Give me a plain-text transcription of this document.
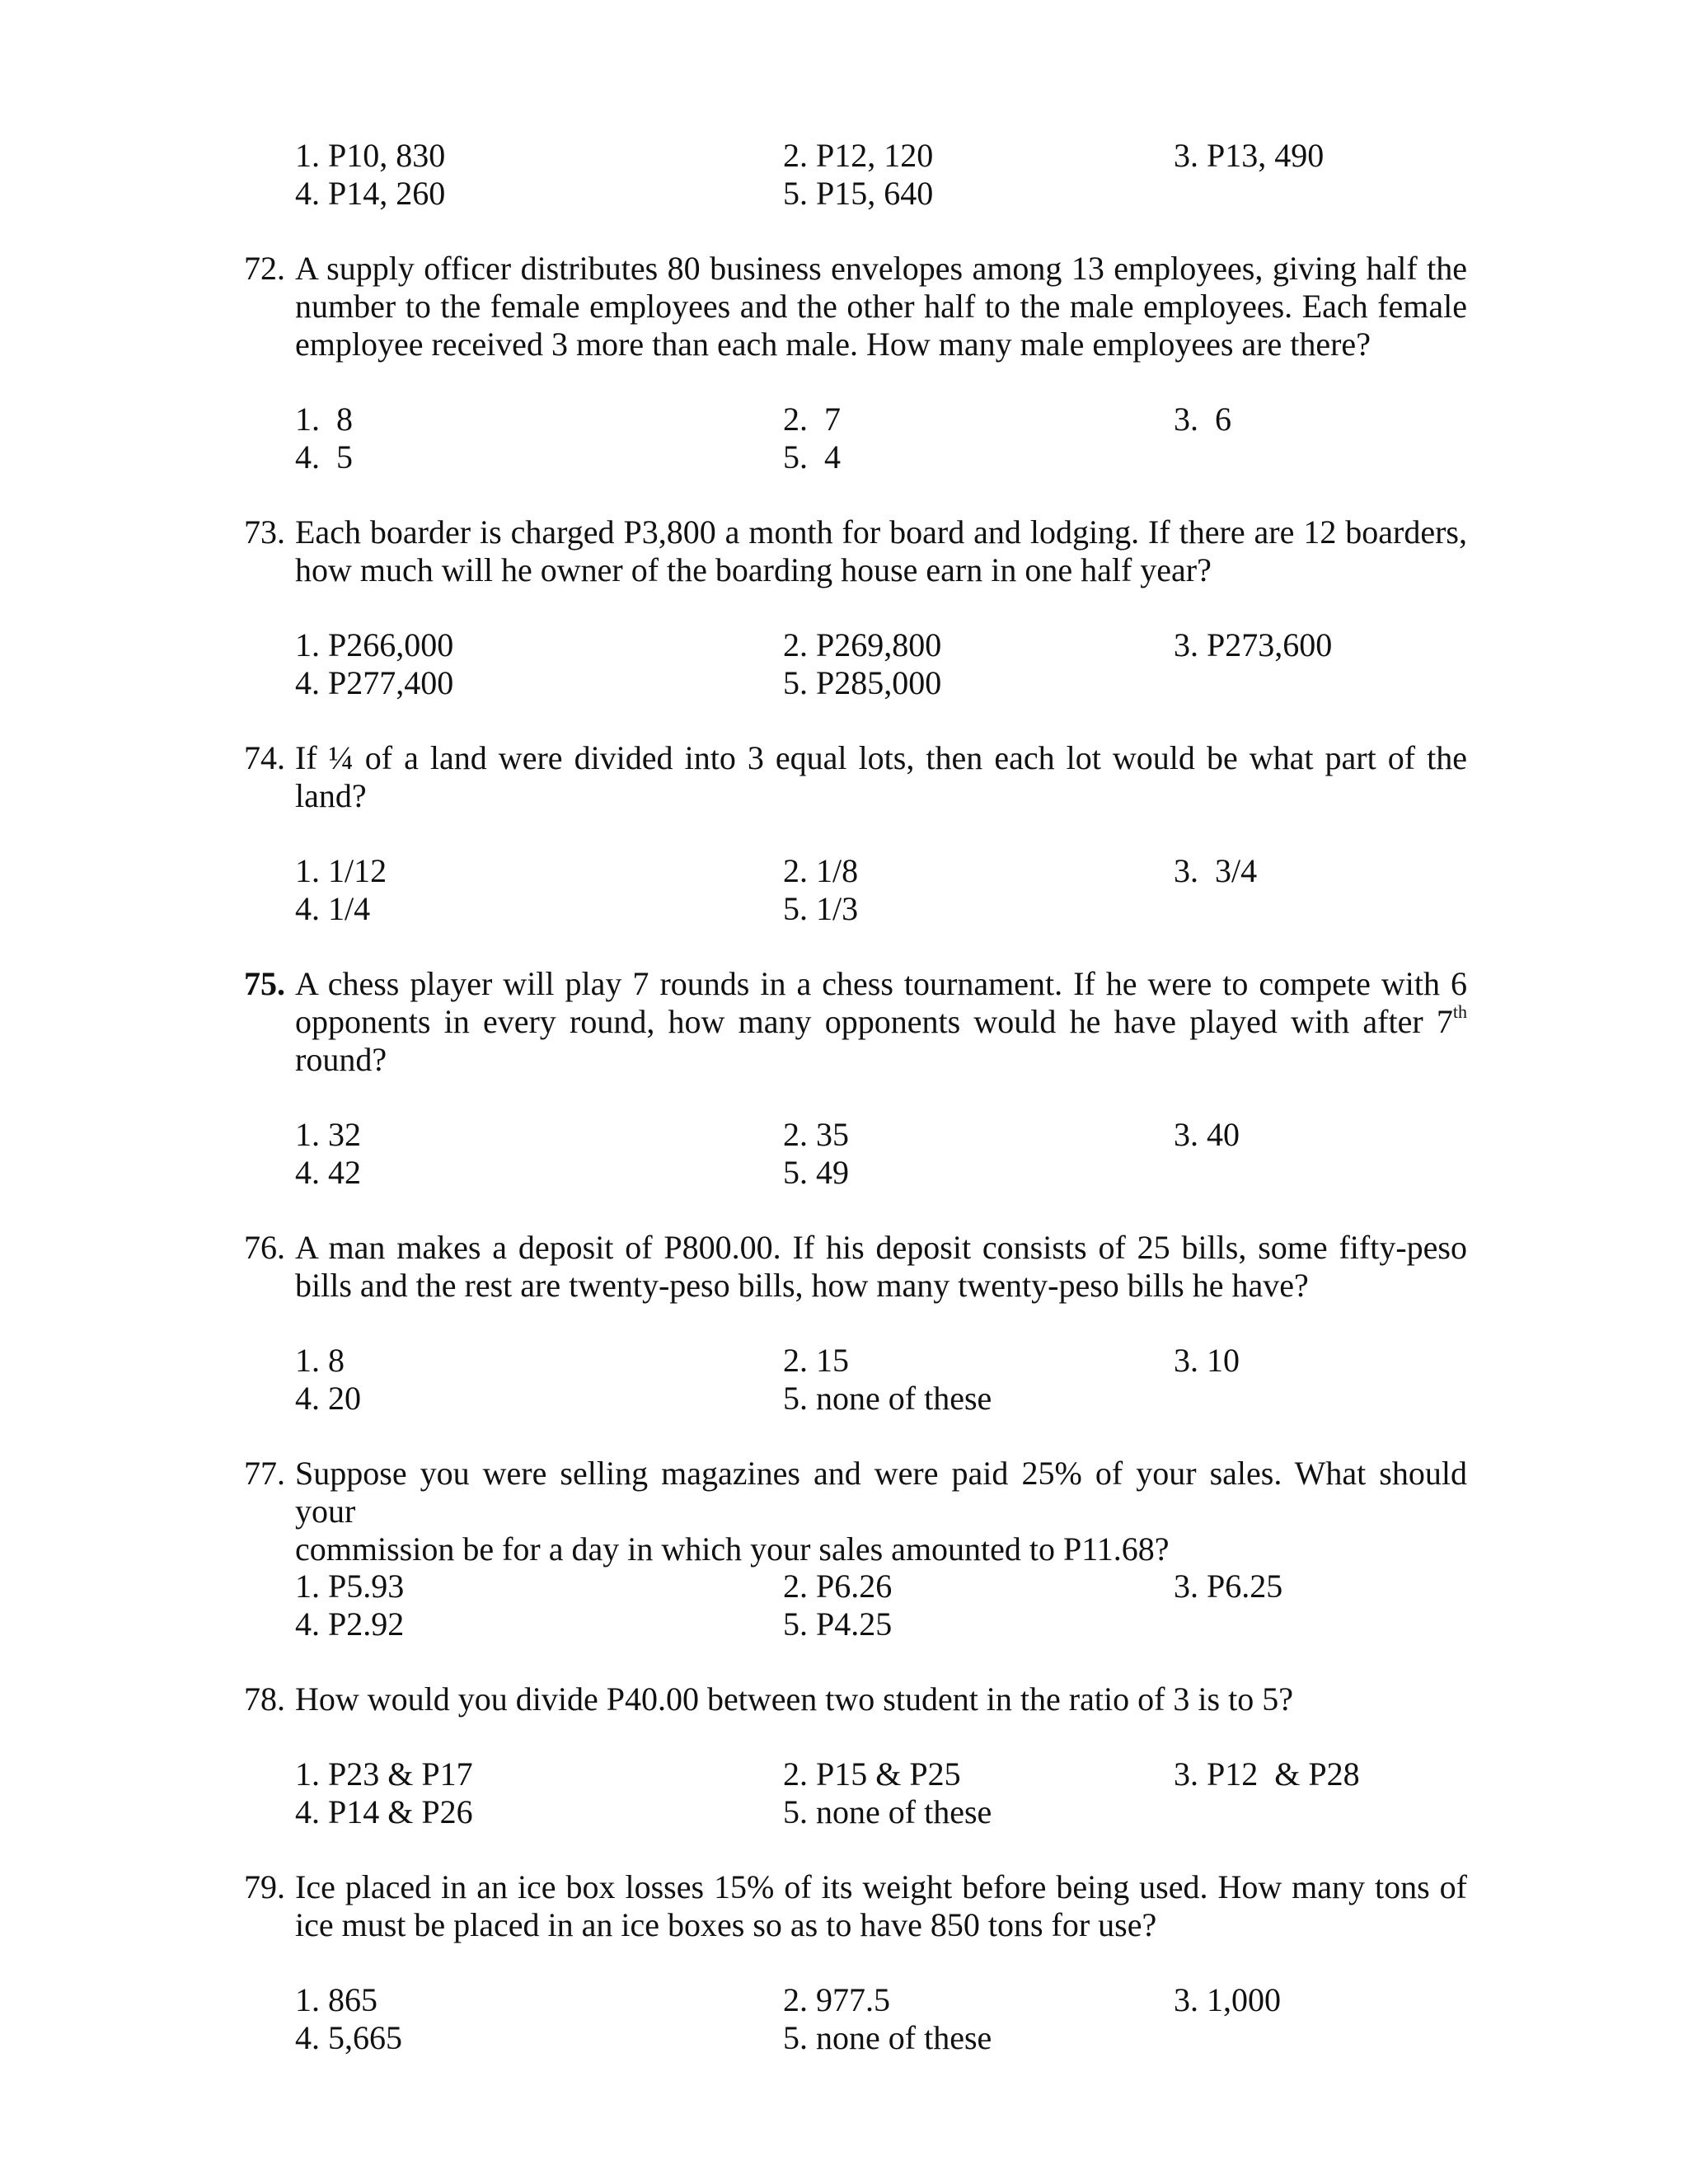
1. P10, 830	2. P12, 120	3. P13, 490
4. P14, 260	5. P15, 640
72. A supply officer distributes 80 business envelopes among 13 employees, giving half the
number to the female employees and the other half to the male employees. Each female
employee received 3 more than each male. How many male employees are there?
1.  8	2.  7	3.  6
4.  5	5.  4
73. Each boarder is charged P3,800 a month for board and lodging. If there are 12 boarders,
how much will he owner of the boarding house earn in one half year?
1. P266,000	2. P269,800	3. P273,600
4. P277,400	5. P285,000
74. If ¼ of a land were divided into 3 equal lots, then each lot would be what part of the
land?
1. 1/12	2. 1/8	3.  3/4
4. 1/4	5. 1/3
75. A chess player will play 7 rounds in a chess tournament. If he were to compete with 6
opponents in every round, how many opponents would he have played with after 7th
round?
1. 32	2. 35	3. 40
4. 42	5. 49
76. A man makes a deposit of P800.00. If his deposit consists of 25 bills, some fifty-peso
bills and the rest are twenty-peso bills, how many twenty-peso bills he have?
1. 8	2. 15	3. 10
4. 20	5. none of these
77. Suppose you were selling magazines and were paid 25% of your sales. What should your
commission be for a day in which your sales amounted to P11.68?
1. P5.93	2. P6.26	3. P6.25
4. P2.92	5. P4.25
78. How would you divide P40.00 between two student in the ratio of 3 is to 5?
1. P23 & P17	2. P15 & P25	3. P12  & P28
4. P14 & P26	5. none of these
79. Ice placed in an ice box losses 15% of its weight before being used. How many tons of
ice must be placed in an ice boxes so as to have 850 tons for use?
1. 865	2. 977.5	3. 1,000
4. 5,665	5. none of these
